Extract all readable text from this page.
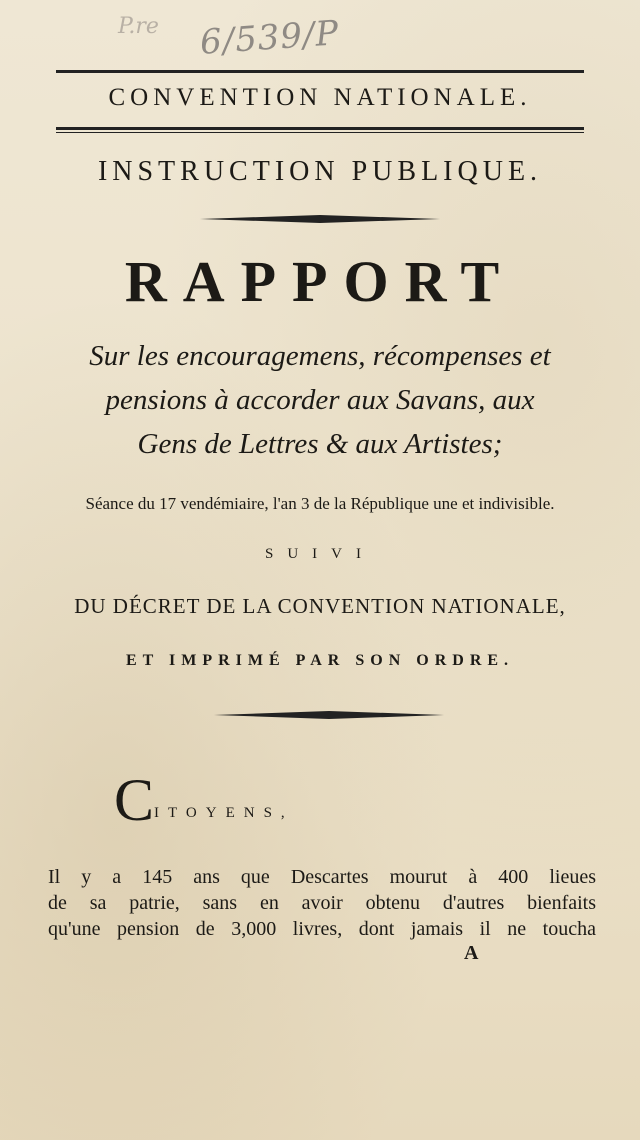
P.re 6/539/P
CONVENTION NATIONALE.
INSTRUCTION PUBLIQUE.
RAPPORT
Sur les encouragemens, récompenses et
pensions à accorder aux Savans, aux
Gens de Lettres & aux Artistes;
Séance du 17 vendémiaire, l'an 3 de la République une et indivisible.
SUIVI
DU DÉCRET DE LA CONVENTION NATIONALE,
ET IMPRIMÉ PAR SON ORDRE.
CITOYENS,
Il y a 145 ans que Descartes mourut à 400 lieues
de sa patrie, sans en avoir obtenu d'autres bienfaits
qu'une pension de 3,000 livres, dont jamais il ne toucha
A
